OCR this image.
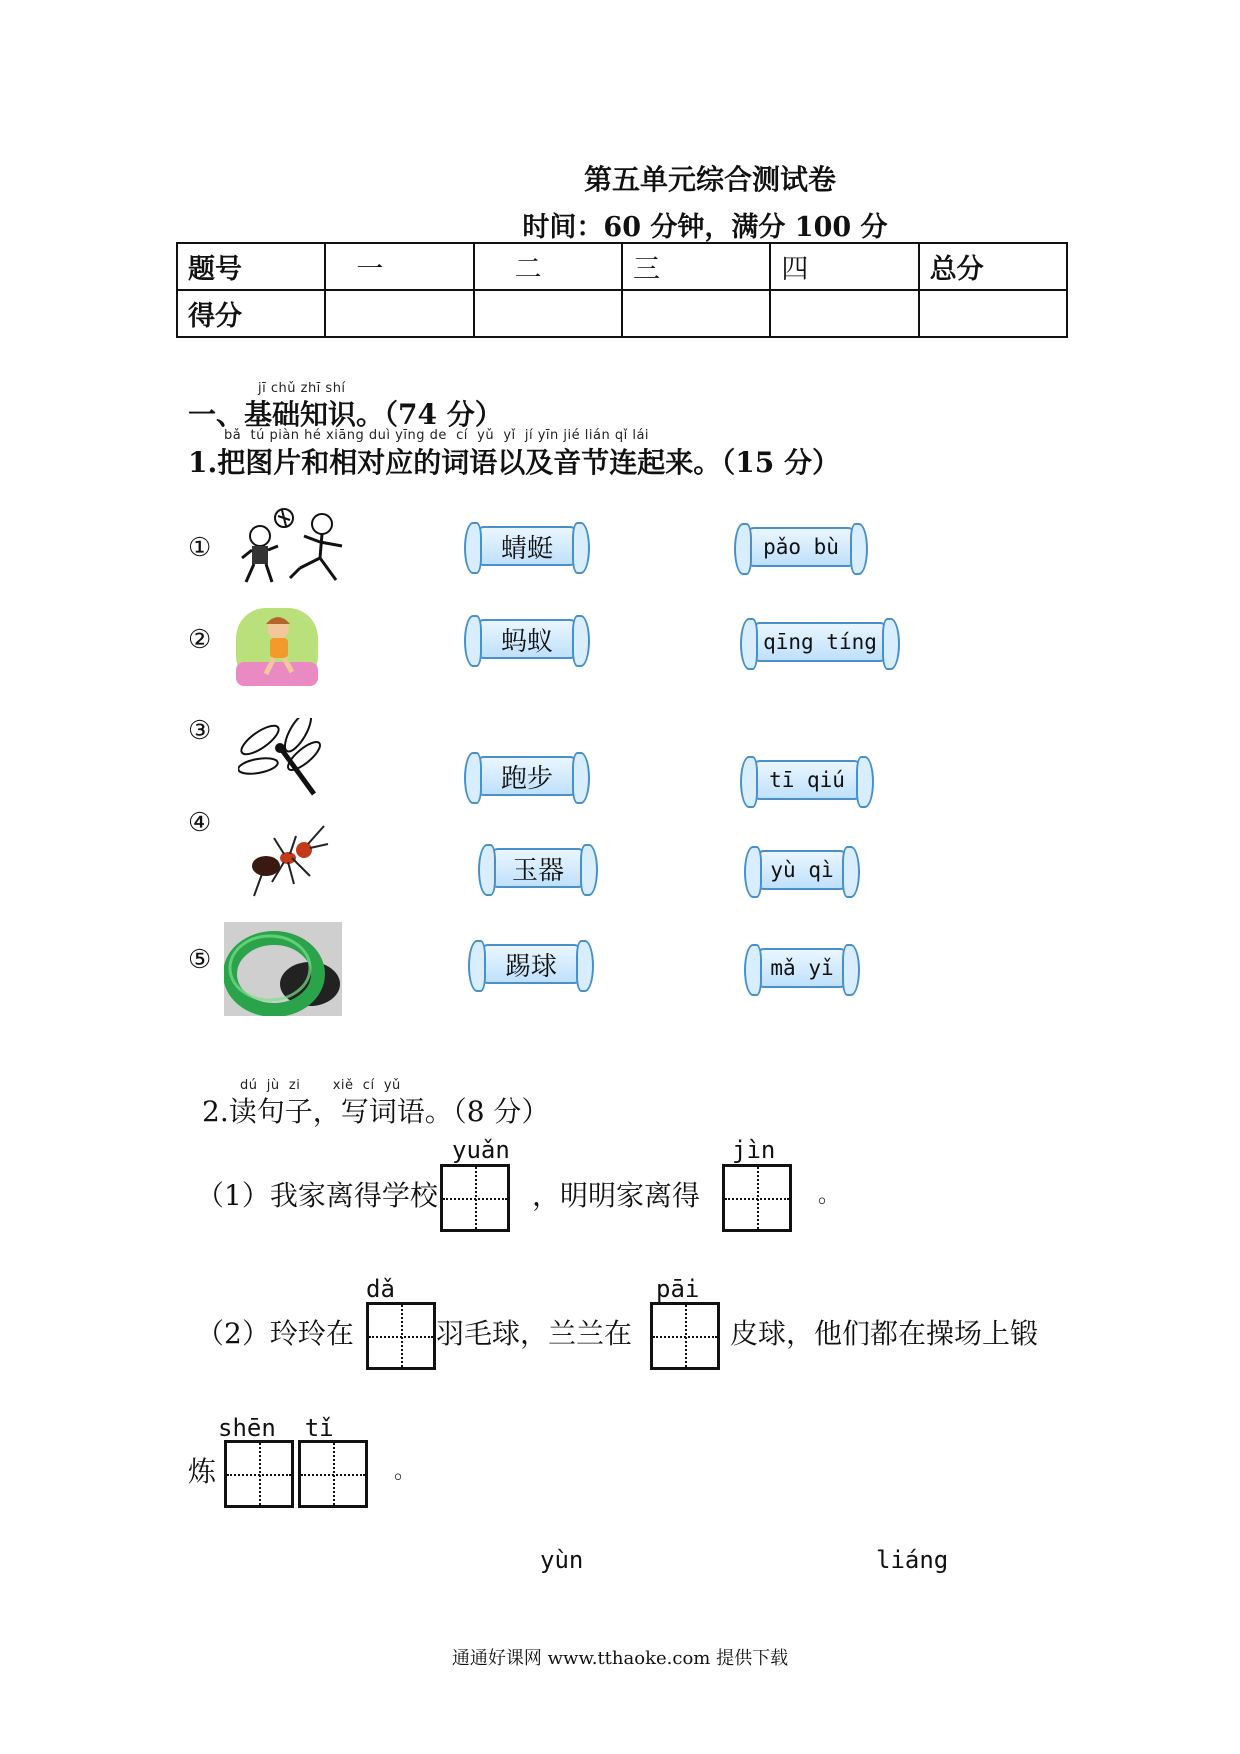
第五单元综合测试卷
时间：60 分钟，满分 100 分
题号	一	二	三	四	总分
得分					
jī chǔ zhī shí
一、基础知识。（74 分）
bǎ  tú piàn hé xiāng duì yīng de  cí  yǔ  yǐ  jí yīn jié lián qǐ lái
1.把图片和相对应的词语以及音节连起来。（15 分）
①
②
③
④
⑤
蜻蜓
蚂蚁
跑步
玉器
踢球
pǎo bù
qīng tíng
tī qiú
yù qì
mǎ yǐ
dú  jù  zi       xiě  cí  yǔ
2.读句子，写词语。（8 分）
yuǎn	jìn
（1）我家离得学校	，明明家离得	。
dǎ	pāi
（2）玲玲在	羽毛球，兰兰在	皮球，他们都在操场上锻
shēn  tǐ
炼	。
yùn	liáng
通通好课网 www.tthaoke.com 提供下载
